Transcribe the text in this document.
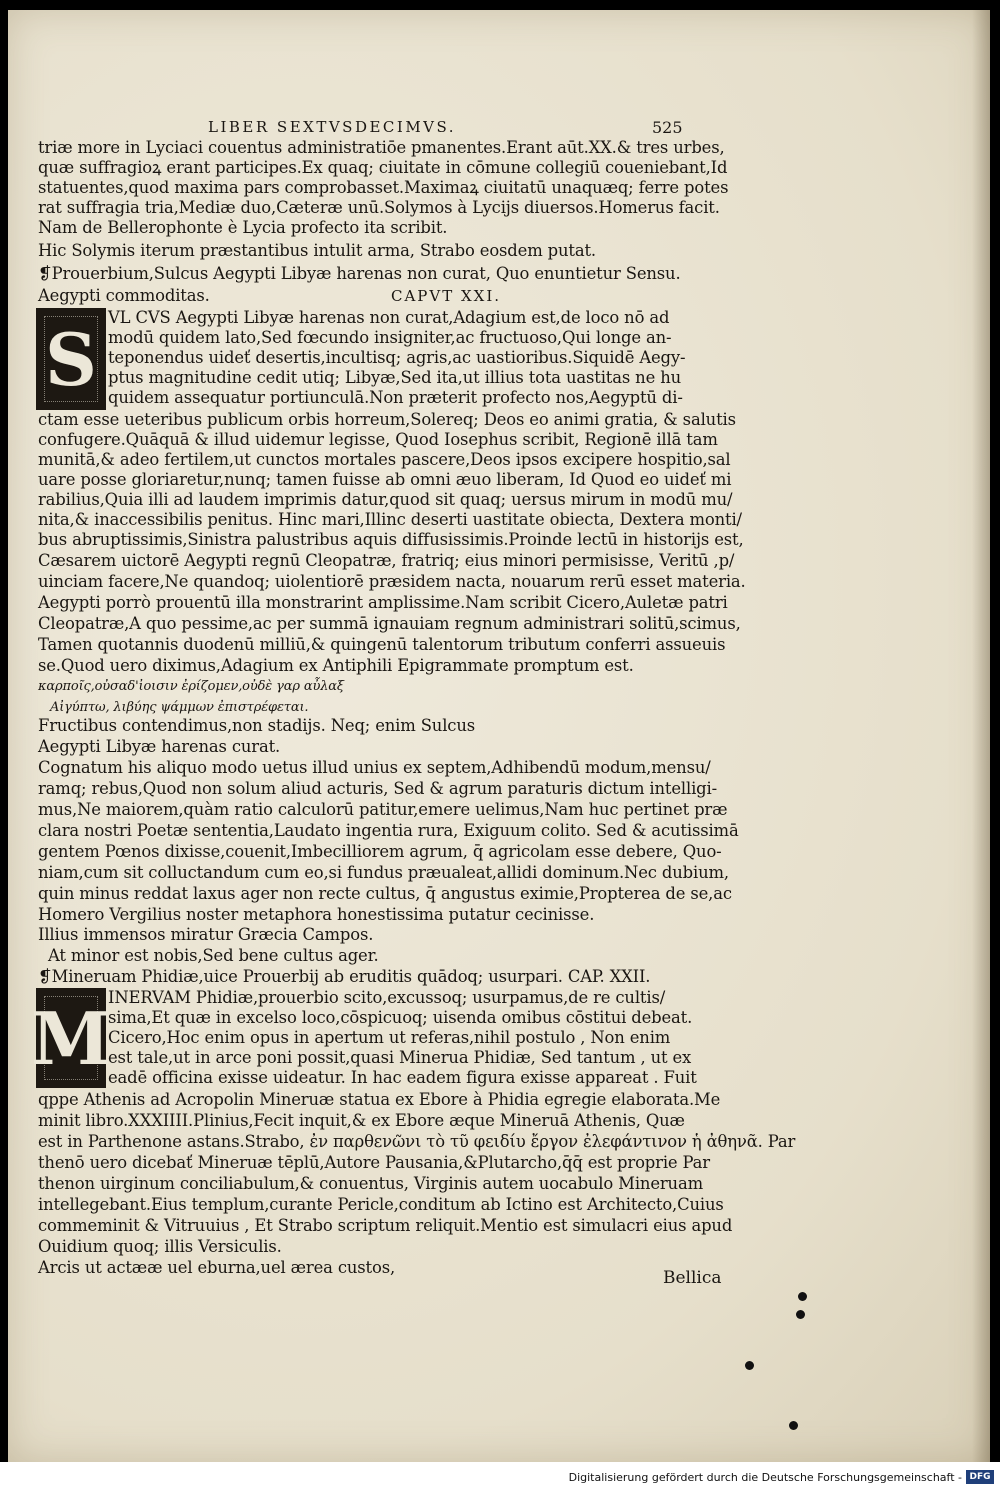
LIBER SEXTVSDECIMVS.	525
triæ more in Lyciaci couentus administratiōe pmanentes.Erant aūt.XX.& tres urbes,
quæ suffragioꝝ erant participes.Ex quaq; ciuitate in cōmune collegiū coueniebant,Id
statuentes,quod maxima pars comprobasset.Maximaꝝ ciuitatū unaquæq; ferre potes
rat suffragia tria,Mediæ duo,Cæteræ unū.Solymos à Lycijs diuersos.Homerus facit.
Nam de Bellerophonte è Lycia profecto ita scribit.
Hic Solymis iterum præstantibus intulit arma, Strabo eosdem putat.
❡Prouerbium,Sulcus Aegypti Libyæ harenas non curat, Quo enuntietur Sensu.
Aegypti commoditas.	CAPVT XXI.
S VL CVS Aegypti Libyæ harenas non curat,Adagium est,de loco nō ad
modū quidem lato,Sed fœcundo insigniter,ac fructuoso,Qui longe an-
teponendus uideť desertis,incultisq; agris,ac uastioribus.Siquidē Aegy-
ptus magnitudine cedit utiq; Libyæ,Sed ita,ut illius tota uastitas ne hu
quidem assequatur portiunculā.Non præterit profecto nos,Aegyptū di-
ctam esse ueteribus publicum orbis horreum,Solereq; Deos eo animi gratia, & salutis
confugere.Quāquā & illud uidemur legisse, Quod Iosephus scribit, Regionē illā tam
munitā,& adeo fertilem,ut cunctos mortales pascere,Deos ipsos excipere hospitio,sal
uare posse gloriaretur,nunq; tamen fuisse ab omni æuo liberam, Id Quod eo uideť mi
rabilius,Quia illi ad laudem imprimis datur,quod sit quaq; uersus mirum in modū mu/
nita,& inaccessibilis penitus. Hinc mari,Illinc deserti uastitate obiecta, Dextera monti/
bus abruptissimis,Sinistra palustribus aquis diffusissimis.Proinde lectū in historijs est,
Cæsarem uictorē Aegypti regnū Cleopatræ, fratriq; eius minori permisisse, Veritū ,p/
uinciam facere,Ne quandoq; uiolentiorē præsidem nacta, nouarum rerū esset materia.
Aegypti porrò prouentū illa monstrarint amplissime.Nam scribit Cicero,Auletæ patri
Cleopatræ,A quo pessime,ac per summā ignauiam regnum administrari solitū,scimus,
Tamen quotannis duodenū milliū,& quingenū talentorum tributum conferri assueuis
se.Quod uero diximus,Adagium ex Antiphili Epigrammate promptum est.
καρποῖς,οὐσαδ'ἰοισιν ἐρίζομεν,οὐδὲ γαρ αὖλαξ
Αἰγύπτω, λιβύης ψάμμων ἐπιστρέφεται.
Fructibus contendimus,non stadijs. Neq; enim Sulcus
Aegypti Libyæ harenas curat.
Cognatum his aliquo modo uetus illud unius ex septem,Adhibendū modum,mensu/
ramq; rebus,Quod non solum aliud acturis, Sed & agrum paraturis dictum intelligi-
mus,Ne maiorem,quàm ratio calculorū patitur,emere uelimus,Nam huc pertinet præ
clara nostri Poetæ sententia,Laudato ingentia rura, Exiguum colito. Sed & acutissimā
gentem Pœnos dixisse,couenit,Imbecilliorem agrum, q̄ agricolam esse debere, Quo-
niam,cum sit colluctandum cum eo,si fundus præualeat,allidi dominum.Nec dubium,
quin minus reddat laxus ager non recte cultus, q̄ angustus eximie,Propterea de se,ac
Homero Vergilius noster metaphora honestissima putatur cecinisse.
Illius immensos miratur Græcia Campos.
At minor est nobis,Sed bene cultus ager.
❡Mineruam Phidiæ,uice Prouerbij ab eruditis quādoq; usurpari. CAP. XXII.
M
INERVAM Phidiæ,prouerbio scito,excussoq; usurpamus,de re cultis/
sima,Et quæ in excelso loco,cōspicuoq; uisenda omibus cōstitui debeat.
Cicero,Hoc enim opus in apertum ut referas,nihil postulo , Non enim
est tale,ut in arce poni possit,quasi Minerua Phidiæ, Sed tantum , ut ex
eadē officina exisse uideatur. In hac eadem figura exisse appareat . Fuit
qppe Athenis ad Acropolin Mineruæ statua ex Ebore à Phidia egregie elaborata.Me
minit libro.XXXIIII.Plinius,Fecit inquit,& ex Ebore æque Mineruā Athenis, Quæ
est in Parthenone astans.Strabo, ἐν παρθενῶνι τὸ τῦ φειδίυ ἔργον ἐλεφάντινον ἡ ἀθηνᾶ. Par
thenō uero dicebať Mineruæ tēplū,Autore Pausania,&Plutarcho,q̄q̄ est proprie Par
thenon uirginum conciliabulum,& conuentus, Virginis autem uocabulo Mineruam
intellegebant.Eius templum,curante Pericle,conditum ab Ictino est Architecto,Cuius
commeminit & Vitruuius , Et Strabo scriptum reliquit.Mentio est simulacri eius apud
Ouidium quoq; illis Versiculis.
Arcis ut actææ uel eburna,uel ærea custos,
Bellica
Digitalisierung gefördert durch die Deutsche Forschungsgemeinschaft - DFG
